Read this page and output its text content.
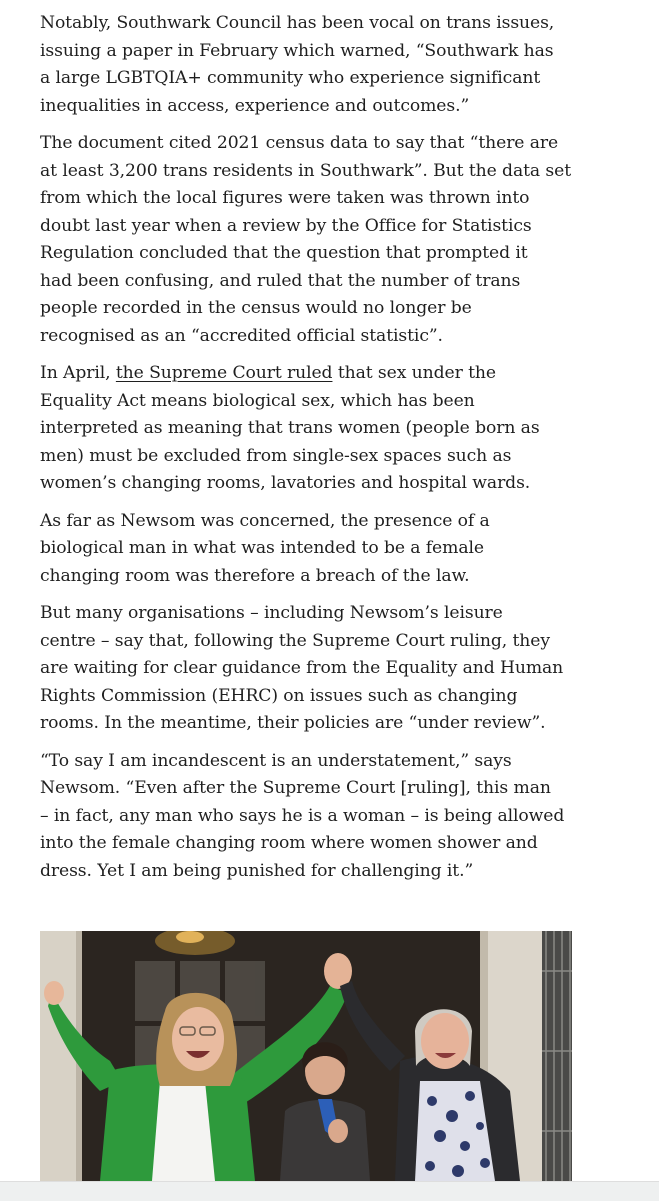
Notably, Southwark Council has been vocal on trans issues,
issuing a paper in February which warned, “Southwark has
a large LGBTQIA+ community who experience significant
inequalities in access, experience and outcomes.”

The document cited 2021 census data to say that “there are
at least 3,200 trans residents in Southwark”. But the data set
from which the local figures were taken was thrown into
doubt last year when a review by the Office for Statistics
Regulation concluded that the question that prompted it
had been confusing, and ruled that the number of trans
people recorded in the census would no longer be
recognised as an “accredited official statistic”.

In April, the Supreme Court ruled that sex under the
Equality Act means biological sex, which has been
interpreted as meaning that trans women (people born as
men) must be excluded from single-sex spaces such as
women’s changing rooms, lavatories and hospital wards.

As far as Newsom was concerned, the presence of a
biological man in what was intended to be a female
changing room was therefore a breach of the law.

But many organisations – including Newsom’s leisure
centre – say that, following the Supreme Court ruling, they
are waiting for clear guidance from the Equality and Human
Rights Commission (EHRC) on issues such as changing
rooms. In the meantime, their policies are “under review”.

“To say I am incandescent is an understatement,” says
Newsom. “Even after the Supreme Court [ruling], this man
– in fact, any man who says he is a woman – is being allowed
into the female changing room where women shower and
dress. Yet I am being punished for challenging it.”
